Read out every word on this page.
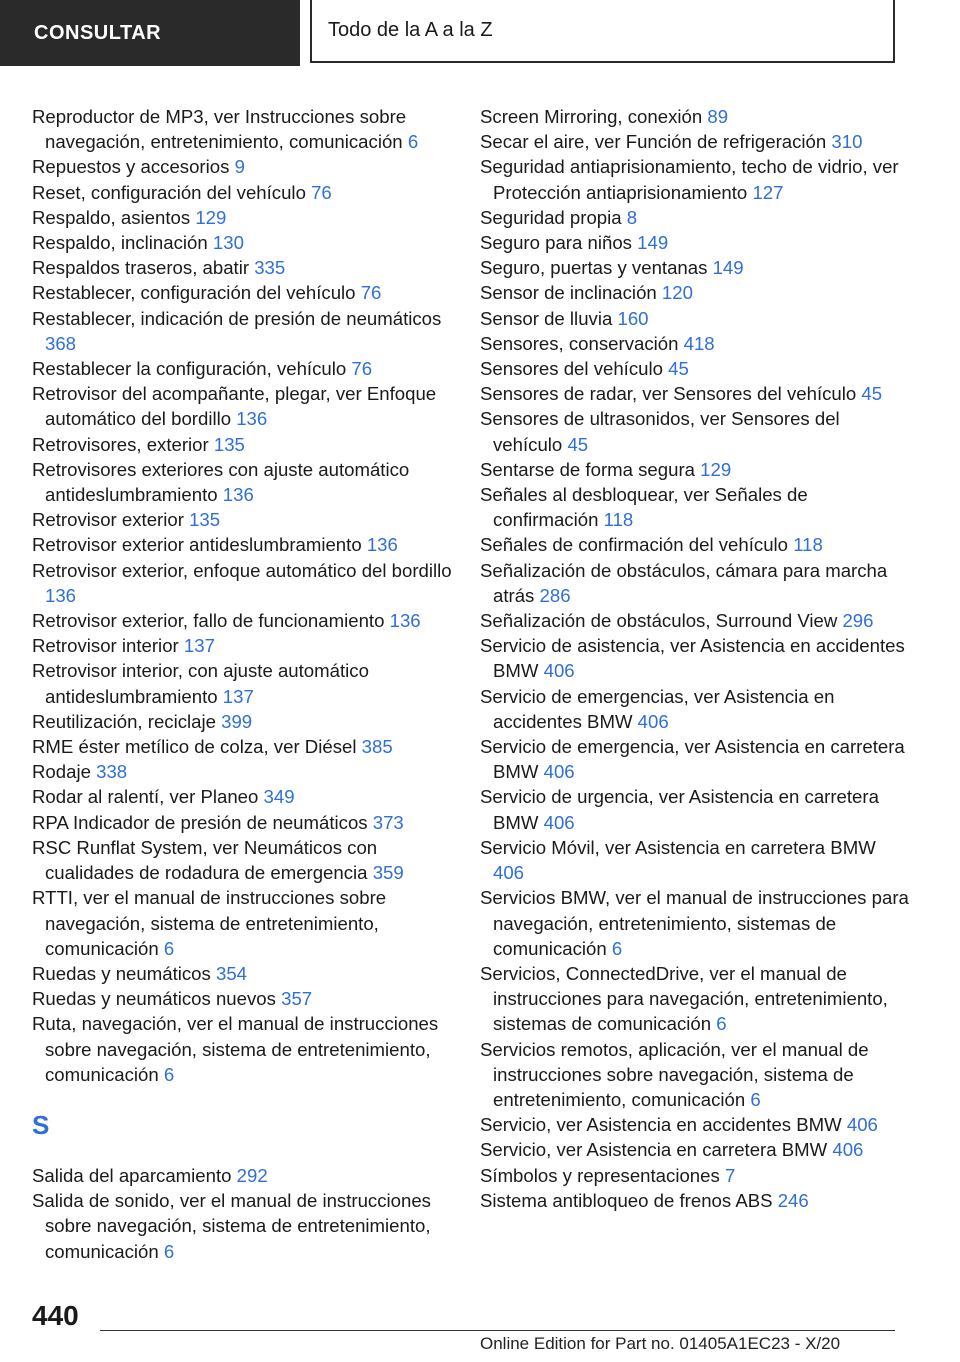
CONSULTAR	Todo de la A a la Z
Reproductor de MP3, ver Instrucciones sobre navegación, entretenimiento, comunicación 6
Repuestos y accesorios 9
Reset, configuración del vehículo 76
Respaldo, asientos 129
Respaldo, inclinación 130
Respaldos traseros, abatir 335
Restablecer, configuración del vehículo 76
Restablecer, indicación de presión de neumáticos 368
Restablecer la configuración, vehículo 76
Retrovisor del acompañante, plegar, ver Enfoque automático del bordillo 136
Retrovisores, exterior 135
Retrovisores exteriores con ajuste automático antideslumbramiento 136
Retrovisor exterior 135
Retrovisor exterior antideslumbramiento 136
Retrovisor exterior, enfoque automático del bordillo 136
Retrovisor exterior, fallo de funcionamiento 136
Retrovisor interior 137
Retrovisor interior, con ajuste automático antideslumbramiento 137
Reutilización, reciclaje 399
RME éster metílico de colza, ver Diésel 385
Rodaje 338
Rodar al ralentí, ver Planeo 349
RPA Indicador de presión de neumáticos 373
RSC Runflat System, ver Neumáticos con cualidades de rodadura de emergencia 359
RTTI, ver el manual de instrucciones sobre navegación, sistema de entretenimiento, comunicación 6
Ruedas y neumáticos 354
Ruedas y neumáticos nuevos 357
Ruta, navegación, ver el manual de instrucciones sobre navegación, sistema de entretenimiento, comunicación 6
S
Salida del aparcamiento 292
Salida de sonido, ver el manual de instrucciones sobre navegación, sistema de entretenimiento, comunicación 6
Screen Mirroring, conexión 89
Secar el aire, ver Función de refrigeración 310
Seguridad antiaprisionamiento, techo de vidrio, ver Protección antiaprisionamiento 127
Seguridad propia 8
Seguro para niños 149
Seguro, puertas y ventanas 149
Sensor de inclinación 120
Sensor de lluvia 160
Sensores, conservación 418
Sensores del vehículo 45
Sensores de radar, ver Sensores del vehículo 45
Sensores de ultrasonidos, ver Sensores del vehículo 45
Sentarse de forma segura 129
Señales al desbloquear, ver Señales de confirmación 118
Señales de confirmación del vehículo 118
Señalización de obstáculos, cámara para marcha atrás 286
Señalización de obstáculos, Surround View 296
Servicio de asistencia, ver Asistencia en accidentes BMW 406
Servicio de emergencias, ver Asistencia en accidentes BMW 406
Servicio de emergencia, ver Asistencia en carretera BMW 406
Servicio de urgencia, ver Asistencia en carretera BMW 406
Servicio Móvil, ver Asistencia en carretera BMW 406
Servicios BMW, ver el manual de instrucciones para navegación, entretenimiento, sistemas de comunicación 6
Servicios, ConnectedDrive, ver el manual de instrucciones para navegación, entretenimiento, sistemas de comunicación 6
Servicios remotos, aplicación, ver el manual de instrucciones sobre navegación, sistema de entretenimiento, comunicación 6
Servicio, ver Asistencia en accidentes BMW 406
Servicio, ver Asistencia en carretera BMW 406
Símbolos y representaciones 7
Sistema antibloqueo de frenos ABS 246
440
Online Edition for Part no. 01405A1EC23 - X/20
